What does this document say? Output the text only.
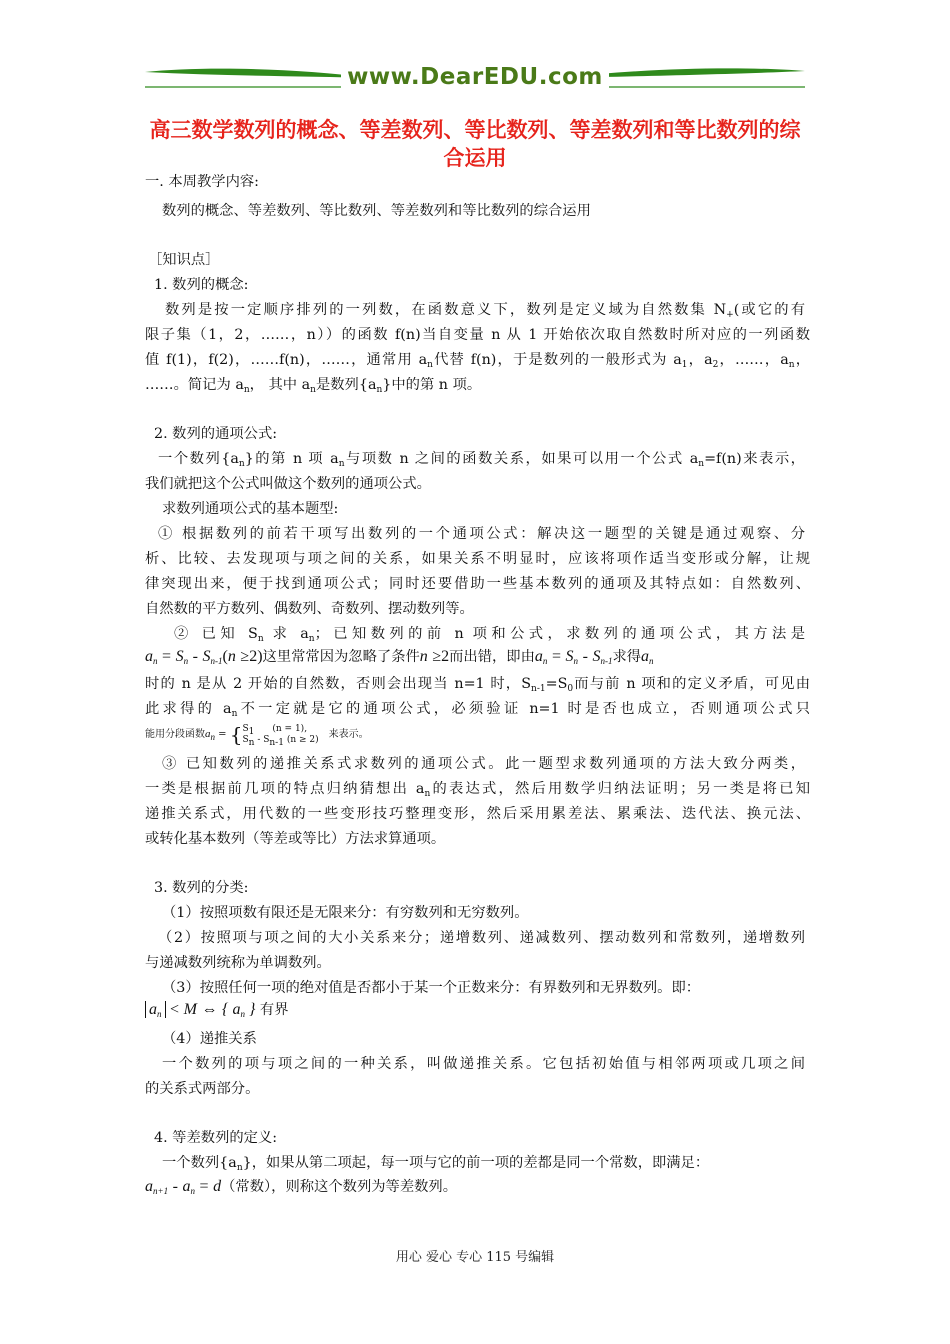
www.DearEDU.com
高三数学数列的概念、等差数列、等比数列、等差数列和等比数列的综
合运用
一. 本周教学内容:
数列的概念、等差数列、等比数列、等差数列和等比数列的综合运用
［知识点］
1. 数列的概念:
数列是按一定顺序排列的一列数，在函数意义下，数列是定义域为自然数集 $N_+$(或它的有
限子集（1，2，……，n））的函数 f(n)当自变量 n 从 1 开始依次取自然数时所对应的一列函数
值 f(1)，f(2)，……f(n)，……，通常用 $a_n$代替 f(n)，于是数列的一般形式为 $a_1$，$a_2$，……，$a_n$，
……。简记为 $a_n$， 其中 $a_n$是数列$\{a_n\}$中的第 n 项。
2. 数列的通项公式:
一个数列$\{a_n\}$的第 n 项 $a_n$与项数 n 之间的函数关系，如果可以用一个公式 $a_n=f(n)$来表示，
我们就把这个公式叫做这个数列的通项公式。
求数列通项公式的基本题型:
① 根据数列的前若干项写出数列的一个通项公式：解决这一题型的关键是通过观察、分
析、比较、去发现项与项之间的关系，如果关系不明显时，应该将项作适当变形或分解，让规
律突现出来，便于找到通项公式；同时还要借助一些基本数列的通项及其特点如：自然数列、
自然数的平方数列、偶数列、奇数列、摆动数列等。
② 已知 $S_n$ 求 $a_n$；已知数列的前 n 项和公式，求数列的通项公式，其方法是
$a_n = S_n - S_{n-1}(n \ge 2)$这里常常因为忽略了条件n ≥2而出错，即由$a_n = S_n - S_{n-1}$求得$a_n$
时的 n 是从 2 开始的自然数，否则会出现当 n=1 时，$S_{n-1}=S_0$而与前 n 项和的定义矛盾，可见由
此求得的 $a_n$不一定就是它的通项公式，必须验证 n=1 时是否也成立，否则通项公式只
能用分段函数$a_n = \{S_1$　　(n = 1),
$S_n - S_{n-1}$ (n ≥ 2)　 来表示。
③ 已知数列的递推关系式求数列的通项公式。此一题型求数列通项的方法大致分两类，
一类是根据前几项的特点归纳猜想出 $a_n$的表达式，然后用数学归纳法证明；另一类是将已知
递推关系式，用代数的一些变形技巧整理变形，然后采用累差法、累乘法、迭代法、换元法、
或转化基本数列（等差或等比）方法求算通项。
3. 数列的分类:
（1）按照项数有限还是无限来分：有穷数列和无穷数列。
（2）按照项与项之间的大小关系来分；递增数列、递减数列、摆动数列和常数列，递增数列
与递减数列统称为单调数列。
（3）按照任何一项的绝对值是否都小于某一个正数来分：有界数列和无界数列。即：
$a_n < M$ ⇔ { $a_n$ } 有界
（4）递推关系
一个数列的项与项之间的一种关系，叫做递推关系。它包括初始值与相邻两项或几项之间
的关系式两部分。
4. 等差数列的定义:
一个数列$\{a_n\}$，如果从第二项起，每一项与它的前一项的差都是同一个常数，即满足：
$a_{n+1} - a_n = d$（常数），则称这个数列为等差数列。
用心 爱心 专心 115 号编辑
